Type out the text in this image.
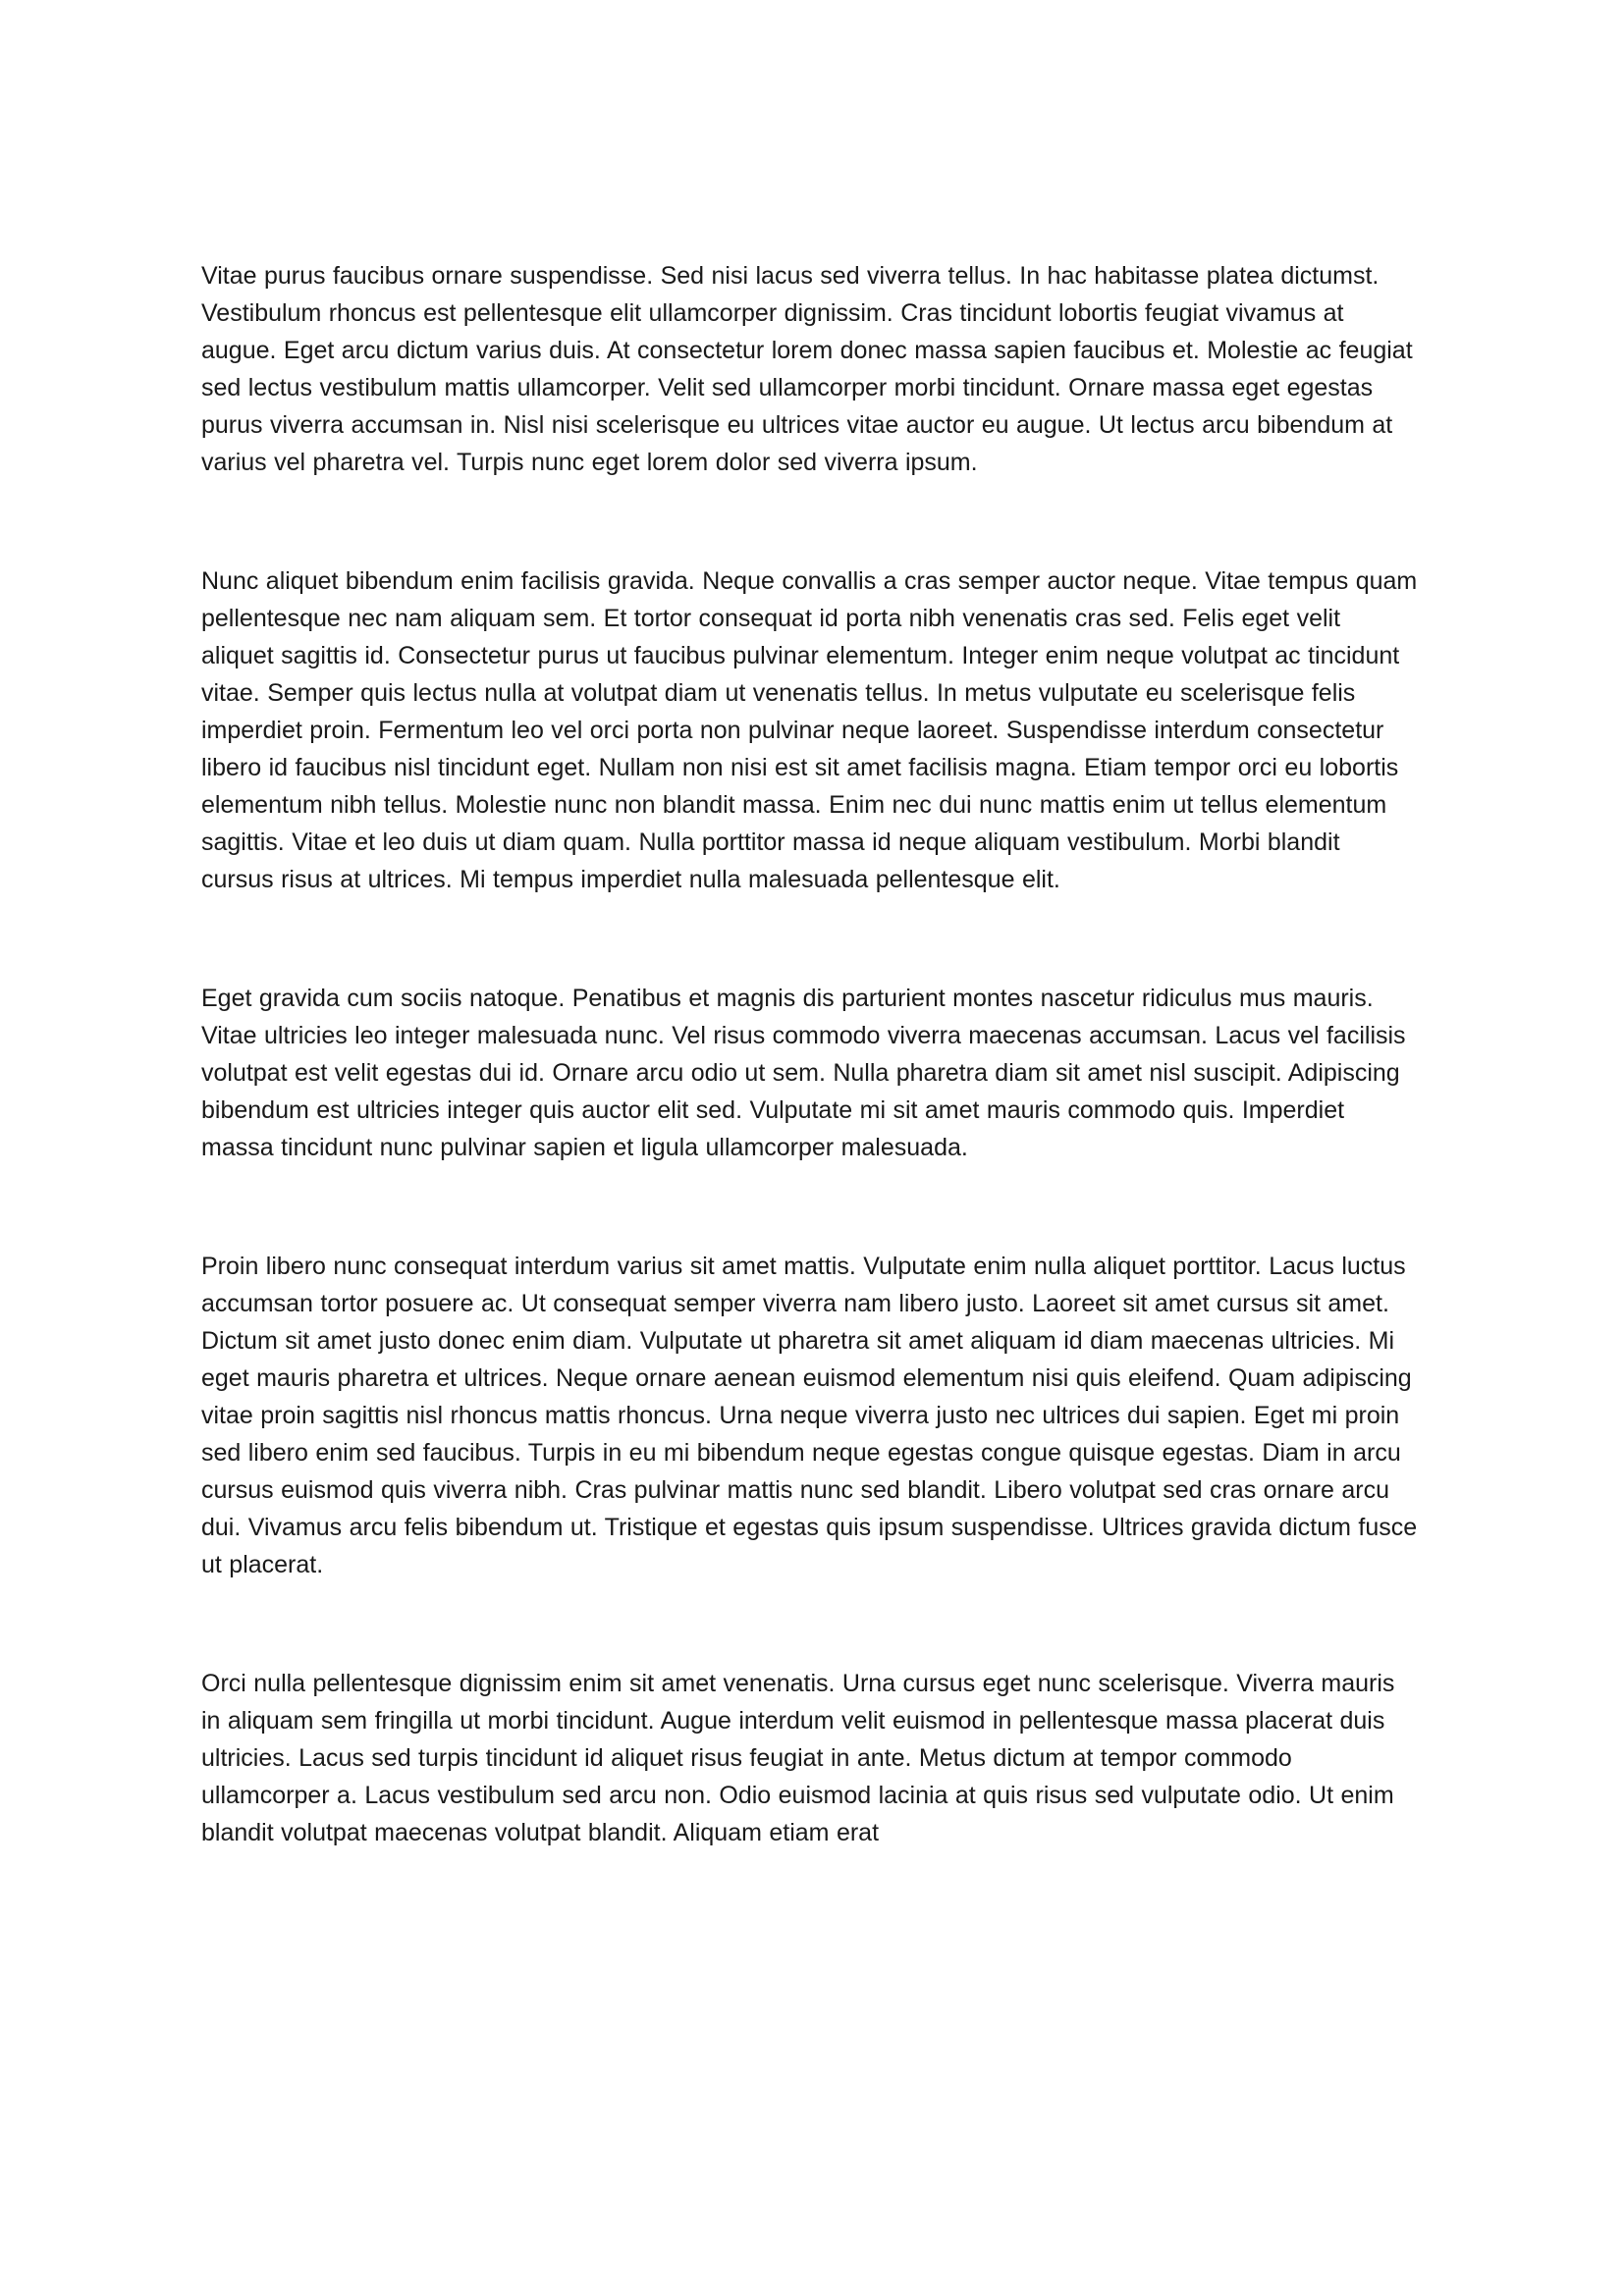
Vitae purus faucibus ornare suspendisse. Sed nisi lacus sed viverra tellus. In hac habitasse platea dictumst. Vestibulum rhoncus est pellentesque elit ullamcorper dignissim. Cras tincidunt lobortis feugiat vivamus at augue. Eget arcu dictum varius duis. At consectetur lorem donec massa sapien faucibus et. Molestie ac feugiat sed lectus vestibulum mattis ullamcorper. Velit sed ullamcorper morbi tincidunt. Ornare massa eget egestas purus viverra accumsan in. Nisl nisi scelerisque eu ultrices vitae auctor eu augue. Ut lectus arcu bibendum at varius vel pharetra vel. Turpis nunc eget lorem dolor sed viverra ipsum.

Nunc aliquet bibendum enim facilisis gravida. Neque convallis a cras semper auctor neque. Vitae tempus quam pellentesque nec nam aliquam sem. Et tortor consequat id porta nibh venenatis cras sed. Felis eget velit aliquet sagittis id. Consectetur purus ut faucibus pulvinar elementum. Integer enim neque volutpat ac tincidunt vitae. Semper quis lectus nulla at volutpat diam ut venenatis tellus. In metus vulputate eu scelerisque felis imperdiet proin. Fermentum leo vel orci porta non pulvinar neque laoreet. Suspendisse interdum consectetur libero id faucibus nisl tincidunt eget. Nullam non nisi est sit amet facilisis magna. Etiam tempor orci eu lobortis elementum nibh tellus. Molestie nunc non blandit massa. Enim nec dui nunc mattis enim ut tellus elementum sagittis. Vitae et leo duis ut diam quam. Nulla porttitor massa id neque aliquam vestibulum. Morbi blandit cursus risus at ultrices. Mi tempus imperdiet nulla malesuada pellentesque elit.

Eget gravida cum sociis natoque. Penatibus et magnis dis parturient montes nascetur ridiculus mus mauris. Vitae ultricies leo integer malesuada nunc. Vel risus commodo viverra maecenas accumsan. Lacus vel facilisis volutpat est velit egestas dui id. Ornare arcu odio ut sem. Nulla pharetra diam sit amet nisl suscipit. Adipiscing bibendum est ultricies integer quis auctor elit sed. Vulputate mi sit amet mauris commodo quis. Imperdiet massa tincidunt nunc pulvinar sapien et ligula ullamcorper malesuada.

Proin libero nunc consequat interdum varius sit amet mattis. Vulputate enim nulla aliquet porttitor. Lacus luctus accumsan tortor posuere ac. Ut consequat semper viverra nam libero justo. Laoreet sit amet cursus sit amet. Dictum sit amet justo donec enim diam. Vulputate ut pharetra sit amet aliquam id diam maecenas ultricies. Mi eget mauris pharetra et ultrices. Neque ornare aenean euismod elementum nisi quis eleifend. Quam adipiscing vitae proin sagittis nisl rhoncus mattis rhoncus. Urna neque viverra justo nec ultrices dui sapien. Eget mi proin sed libero enim sed faucibus. Turpis in eu mi bibendum neque egestas congue quisque egestas. Diam in arcu cursus euismod quis viverra nibh. Cras pulvinar mattis nunc sed blandit. Libero volutpat sed cras ornare arcu dui. Vivamus arcu felis bibendum ut. Tristique et egestas quis ipsum suspendisse. Ultrices gravida dictum fusce ut placerat.

Orci nulla pellentesque dignissim enim sit amet venenatis. Urna cursus eget nunc scelerisque. Viverra mauris in aliquam sem fringilla ut morbi tincidunt. Augue interdum velit euismod in pellentesque massa placerat duis ultricies. Lacus sed turpis tincidunt id aliquet risus feugiat in ante. Metus dictum at tempor commodo ullamcorper a. Lacus vestibulum sed arcu non. Odio euismod lacinia at quis risus sed vulputate odio. Ut enim blandit volutpat maecenas volutpat blandit. Aliquam etiam erat
